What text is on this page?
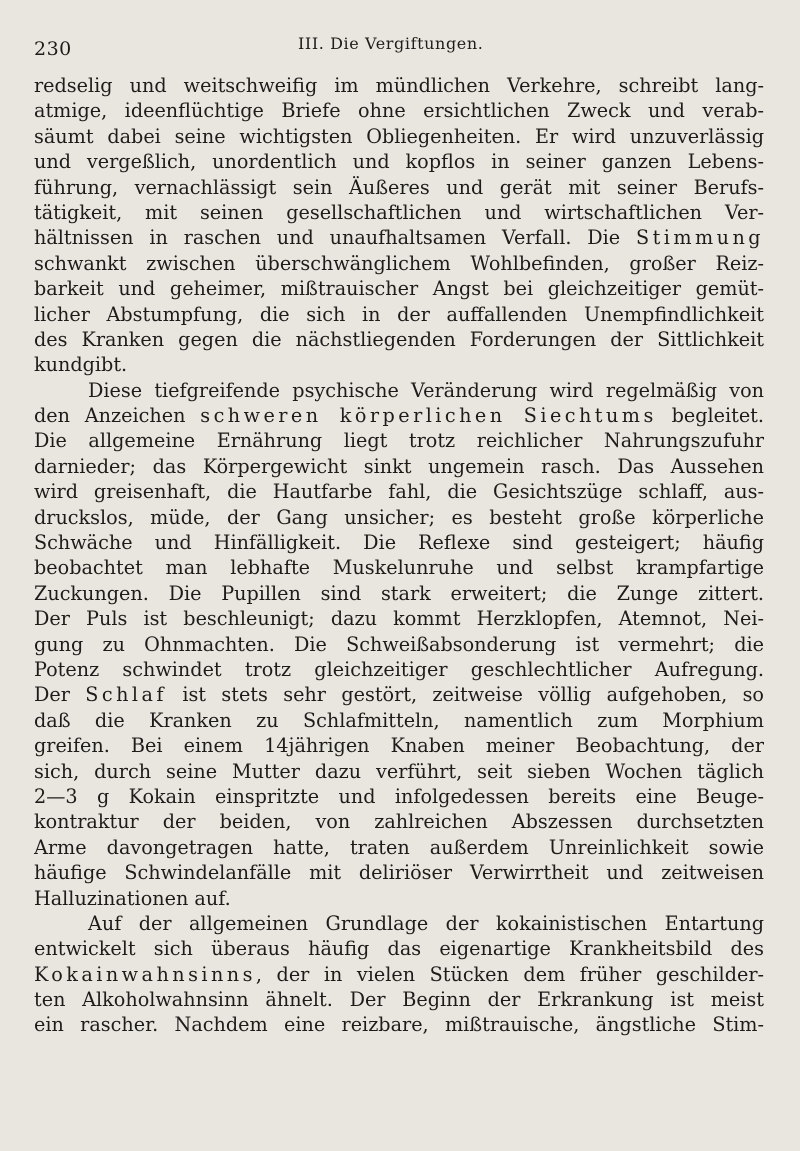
230	III. Die Vergiftungen.
redselig und weitschweifig im mündlichen Verkehre, schreibt lang-
atmige, ideenflüchtige Briefe ohne ersichtlichen Zweck und verab-
säumt dabei seine wichtigsten Obliegenheiten. Er wird unzuverlässig
und vergeßlich, unordentlich und kopflos in seiner ganzen Lebens-
führung, vernachlässigt sein Äußeres und gerät mit seiner Berufs-
tätigkeit, mit seinen gesellschaftlichen und wirtschaftlichen Ver-
hältnissen in raschen und unaufhaltsamen Verfall. Die Stimmung
schwankt zwischen überschwänglichem Wohlbefinden, großer Reiz-
barkeit und geheimer, mißtrauischer Angst bei gleichzeitiger gemüt-
licher Abstumpfung, die sich in der auffallenden Unempfindlichkeit
des Kranken gegen die nächstliegenden Forderungen der Sittlichkeit
kundgibt.
Diese tiefgreifende psychische Veränderung wird regelmäßig von
den Anzeichen schweren körperlichen Siechtums begleitet.
Die allgemeine Ernährung liegt trotz reichlicher Nahrungszufuhr
darnieder; das Körpergewicht sinkt ungemein rasch. Das Aussehen
wird greisenhaft, die Hautfarbe fahl, die Gesichtszüge schlaff, aus-
druckslos, müde, der Gang unsicher; es besteht große körperliche
Schwäche und Hinfälligkeit. Die Reflexe sind gesteigert; häufig
beobachtet man lebhafte Muskelunruhe und selbst krampfartige
Zuckungen. Die Pupillen sind stark erweitert; die Zunge zittert.
Der Puls ist beschleunigt; dazu kommt Herzklopfen, Atemnot, Nei-
gung zu Ohnmachten. Die Schweißabsonderung ist vermehrt; die
Potenz schwindet trotz gleichzeitiger geschlechtlicher Aufregung.
Der Schlaf ist stets sehr gestört, zeitweise völlig aufgehoben, so
daß die Kranken zu Schlafmitteln, namentlich zum Morphium
greifen. Bei einem 14jährigen Knaben meiner Beobachtung, der
sich, durch seine Mutter dazu verführt, seit sieben Wochen täglich
2—3 g Kokain einspritzte und infolgedessen bereits eine Beuge-
kontraktur der beiden, von zahlreichen Abszessen durchsetzten
Arme davongetragen hatte, traten außerdem Unreinlichkeit sowie
häufige Schwindelanfälle mit deliriöser Verwirrtheit und zeitweisen
Halluzinationen auf.
Auf der allgemeinen Grundlage der kokainistischen Entartung
entwickelt sich überaus häufig das eigenartige Krankheitsbild des
Kokainwahnsinns, der in vielen Stücken dem früher geschilder-
ten Alkoholwahnsinn ähnelt. Der Beginn der Erkrankung ist meist
ein rascher. Nachdem eine reizbare, mißtrauische, ängstliche Stim-
